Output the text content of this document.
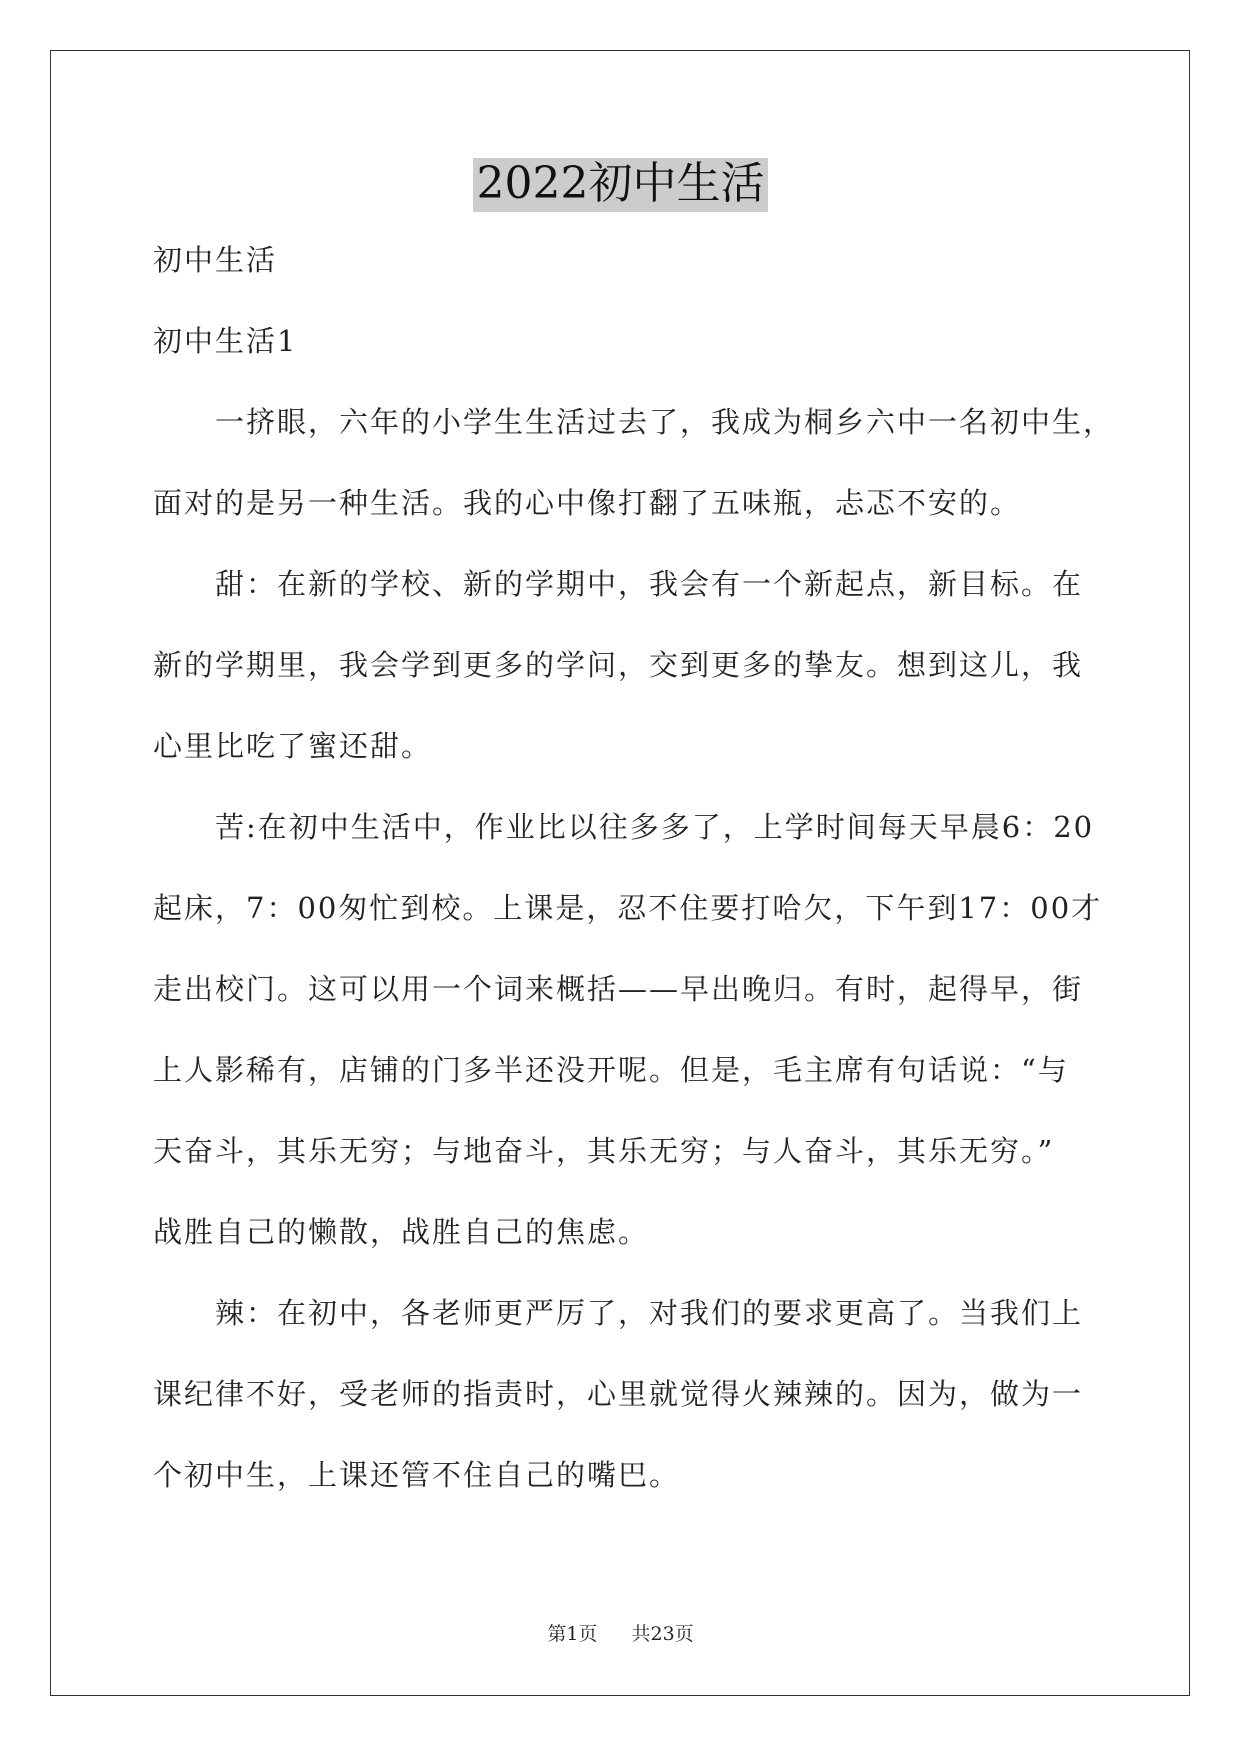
2022初中生活
初中生活
初中生活1
一挤眼，六年的小学生生活过去了，我成为桐乡六中一名初中生，
面对的是另一种生活。我的心中像打翻了五味瓶，忐忑不安的。
甜：在新的学校、新的学期中，我会有一个新起点，新目标。在
新的学期里，我会学到更多的学问，交到更多的挚友。想到这儿，我
心里比吃了蜜还甜。
苦:在初中生活中，作业比以往多多了，上学时间每天早晨6：20
起床，7：00匆忙到校。上课是，忍不住要打哈欠，下午到17：00才
走出校门。这可以用一个词来概括——早出晚归。有时，起得早，街
上人影稀有，店铺的门多半还没开呢。但是，毛主席有句话说：“与
天奋斗，其乐无穷；与地奋斗，其乐无穷；与人奋斗，其乐无穷。”
战胜自己的懒散，战胜自己的焦虑。
辣：在初中，各老师更严厉了，对我们的要求更高了。当我们上
课纪律不好，受老师的指责时，心里就觉得火辣辣的。因为，做为一
个初中生，上课还管不住自己的嘴巴。
第1页 共23页
